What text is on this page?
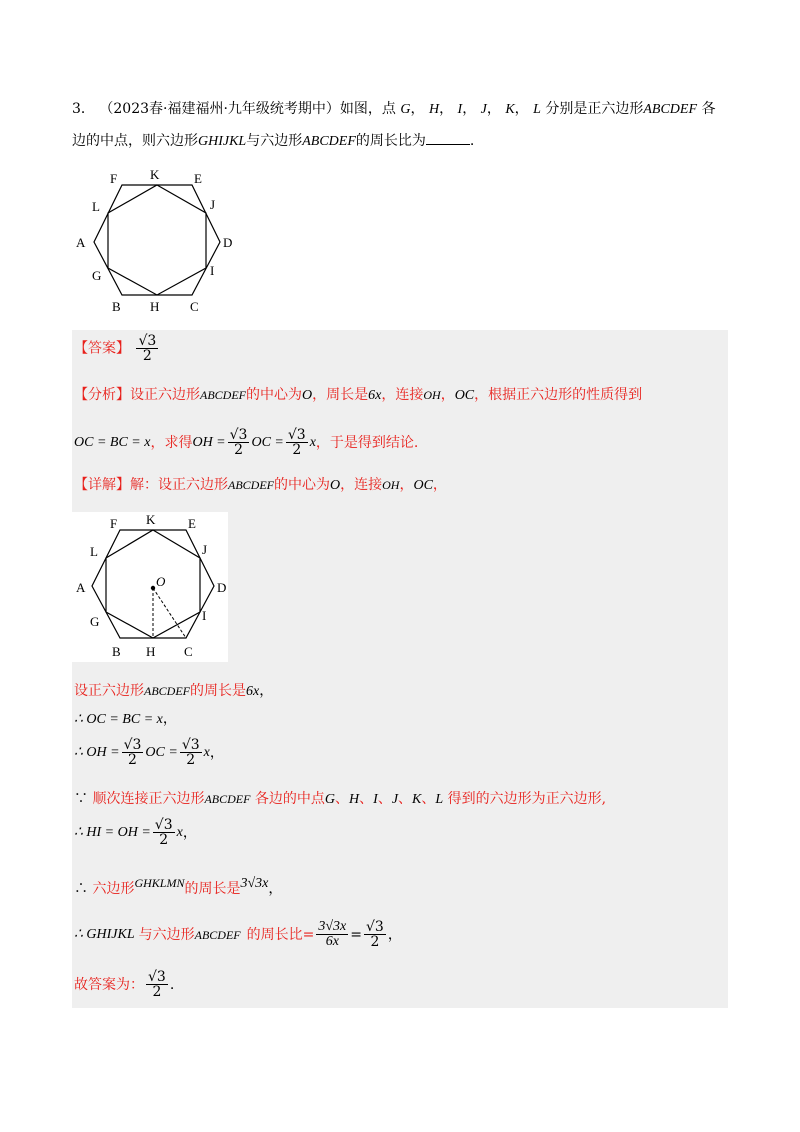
3． （2023春·福建福州·九年级统考期中）如图，点 G， H， I， J， K， L 分别是正六边形ABCDEF 各
边的中点，则六边形GHIJKL与六边形ABCDEF的周长比为	.
F	K	E
L	J
A	D
G	I
B H C
【答案】 $\frac{√3}{2}$
【分析】设正六边形ABCDEF的中心为O，周长是6x，连接OH，OC，根据正六边形的性质得到
OC = BC = x ，求得 OH = $\frac{√3}{2}$ OC = $\frac{√3}{2}$ x ，于是得到结论.
【详解】解：设正六边形ABCDEF的中心为O，连接OH，OC，
F K	E
L	J
A	O	D
G	I
B H C
设正六边形ABCDEF的周长是6x，
∴ OC = BC = x，
∴ OH = $\frac{√3}{2}$ OC = $\frac{√3}{2}$ x ，
∵ 顺次连接正六边形ABCDEF 各边的中点G、H、I、J、K、L 得到的六边形为正六边形,
∴ HI = OH = $\frac{√3}{2}$ x ，
∴ 六边形GHKLMN的周长是3√3x，
∴ GHIJKL 与六边形 ABCDEF 的周长比= $\frac{3√3x}{6x} = \frac{√3}{2}$ ，
故答案为： $\frac{√3}{2}$ .
